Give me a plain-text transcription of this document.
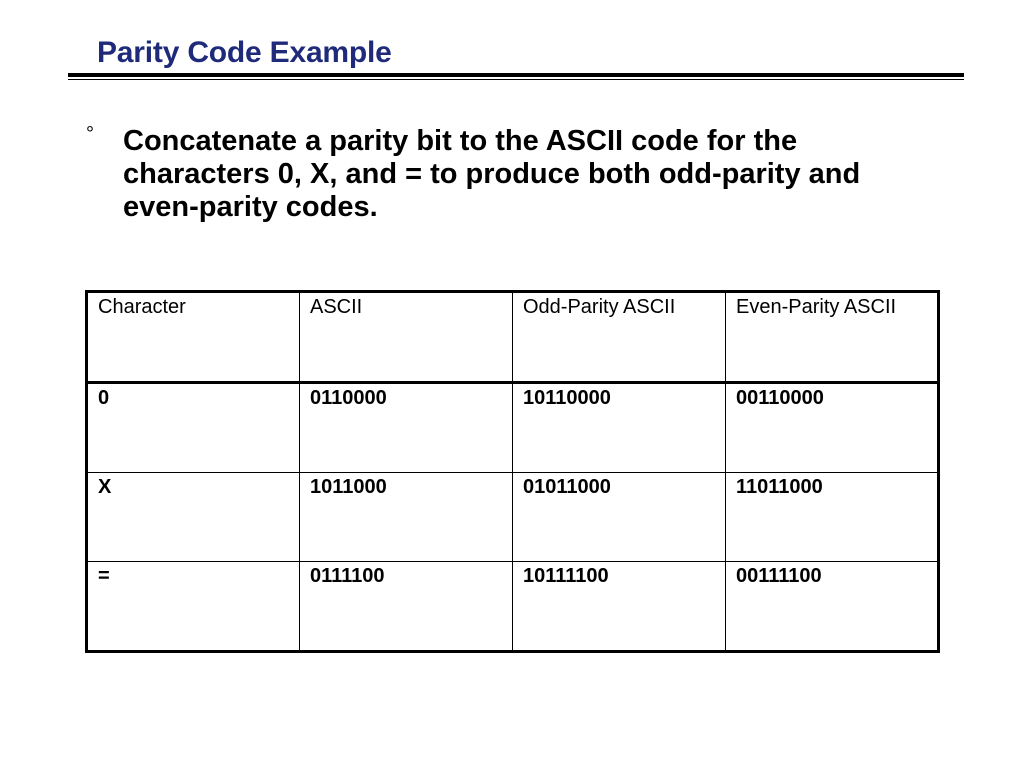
Parity Code Example
° Concatenate a parity bit to the ASCII code for the characters 0, X, and = to produce both odd-parity and even-parity codes.

Character	ASCII	Odd-Parity ASCII	Even-Parity ASCII
0	0110000	10110000	00110000
X	1011000	01011000	11011000
=	0111100	10111100	00111100
